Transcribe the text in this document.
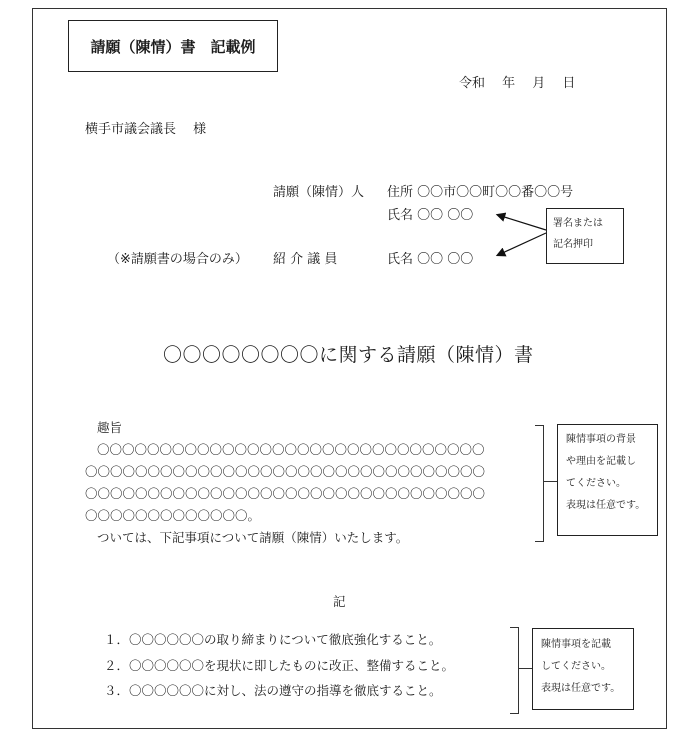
請願（陳情）書　記載例
令和　 年　 月　 日
横手市議会議長　 様
請願（陳情）人 住所 〇〇市〇〇町〇〇番〇〇号
氏名 〇〇 〇〇
（※請願書の場合のみ） 紹 介 議 員	氏名 〇〇 〇〇
署名または
記名押印
〇〇〇〇〇〇〇〇に関する請願（陳情）書
趣旨
〇〇〇〇〇〇〇〇〇〇〇〇〇〇〇〇〇〇〇〇〇〇〇〇〇〇〇〇〇〇〇
〇〇〇〇〇〇〇〇〇〇〇〇〇〇〇〇〇〇〇〇〇〇〇〇〇〇〇〇〇〇〇〇
〇〇〇〇〇〇〇〇〇〇〇〇〇〇〇〇〇〇〇〇〇〇〇〇〇〇〇〇〇〇〇〇
〇〇〇〇〇〇〇〇〇〇〇〇〇。
ついては、下記事項について請願（陳情）いたします。
陳情事項の背景
や理由を記載し
てください。
表現は任意です。
記
１．〇〇〇〇〇〇の取り締まりについて徹底強化すること。
２．〇〇〇〇〇〇を現状に即したものに改正、整備すること。
３．〇〇〇〇〇〇に対し、法の遵守の指導を徹底すること。
陳情事項を記載
してください。
表現は任意です。
